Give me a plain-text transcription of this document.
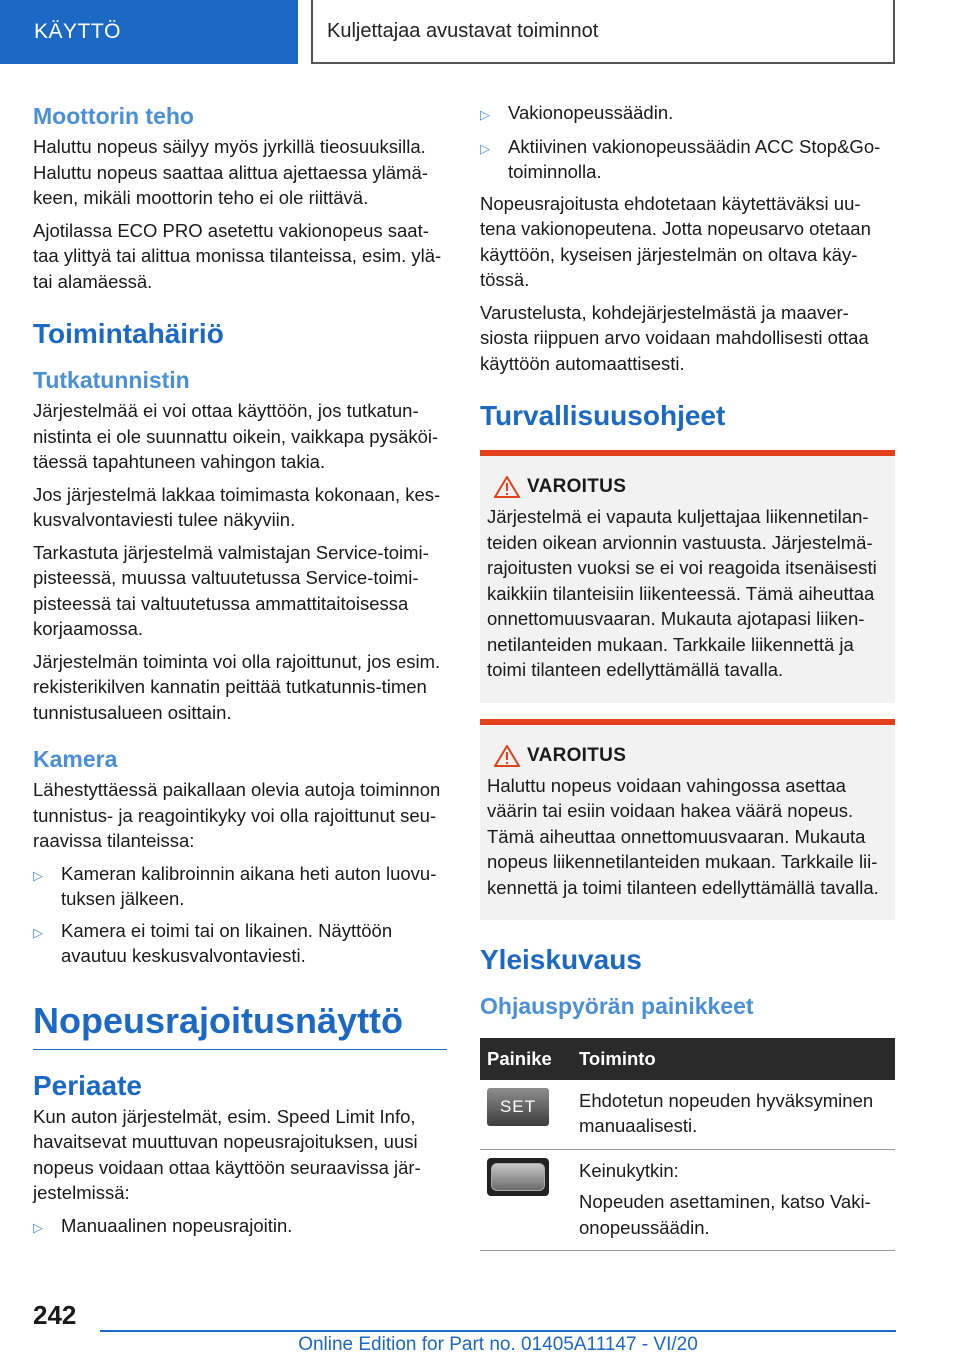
KÄYTTÖ	Kuljettajaa avustavat toiminnot
Moottorin teho
Haluttu nopeus säilyy myös jyrkillä tieosuuksilla. Haluttu nopeus saattaa alittua ajettaessa ylämä-keen, mikäli moottorin teho ei ole riittävä.
Ajotilassa ECO PRO asetettu vakionopeus saat-taa ylittyä tai alittua monissa tilanteissa, esim. ylä- tai alamäessä.
Toimintahäiriö
Tutkatunnistin
Järjestelmää ei voi ottaa käyttöön, jos tutkatun-nistinta ei ole suunnattu oikein, vaikkapa pysäköi-täessä tapahtuneen vahingon takia.
Jos järjestelmä lakkaa toimimasta kokonaan, kes-kusvalvontaviesti tulee näkyviin.
Tarkastuta järjestelmä valmistajan Service-toimi-pisteessä, muussa valtuutetussa Service-toimi-pisteessä tai valtuutetussa ammattitaitoisessa korjaamossa.
Järjestelmän toiminta voi olla rajoittunut, jos esim. rekisterikilven kannatin peittää tutkatunnis-timen tunnistusalueen osittain.
Kamera
Lähestyttäessä paikallaan olevia autoja toiminnon tunnistus- ja reagointikyky voi olla rajoittunut seu-raavissa tilanteissa:
▷ Kameran kalibroinnin aikana heti auton luovu-tuksen jälkeen.
▷ Kamera ei toimi tai on likainen. Näyttöön avautuu keskusvalvontaviesti.
Nopeusrajoitusnäyttö
Periaate
Kun auton järjestelmät, esim. Speed Limit Info, havaitsevat muuttuvan nopeusrajoituksen, uusi nopeus voidaan ottaa käyttöön seuraavissa jär-jestelmissä:
▷ Manuaalinen nopeusrajoitin.
▷ Vakionopeussäädin.
▷ Aktiivinen vakionopeussäädin ACC Stop&Go-toiminnolla.
Nopeusrajoitusta ehdotetaan käytettäväksi uu-tena vakionopeutena. Jotta nopeusarvo otetaan käyttöön, kyseisen järjestelmän on oltava käy-tössä.
Varustelusta, kohdejärjestelmästä ja maaver-siosta riippuen arvo voidaan mahdollisesti ottaa käyttöön automaattisesti.
Turvallisuusohjeet
VAROITUS
Järjestelmä ei vapauta kuljettajaa liikennetilan-teiden oikean arvionnin vastuusta. Järjestelmä-rajoitusten vuoksi se ei voi reagoida itsenäisesti kaikkiin tilanteisiin liikenteessä. Tämä aiheuttaa onnettomuusvaaran. Mukauta ajotapasi liiken-netilanteiden mukaan. Tarkkaile liikennettä ja toimi tilanteen edellyttämällä tavalla.
VAROITUS
Haluttu nopeus voidaan vahingossa asettaa väärin tai esiin voidaan hakea väärä nopeus. Tämä aiheuttaa onnettomuusvaaran. Mukauta nopeus liikennetilanteiden mukaan. Tarkkaile lii-kennettä ja toimi tilanteen edellyttämällä tavalla.
Yleiskuvaus
Ohjauspyörän painikkeet
Painike	Toiminto

SET	Ehdotetun nopeuden hyväksyminen manuaalisesti.

	Keinukytkin:
Nopeuden asettaminen, katso Vaki-onopeussäädin.
242
Online Edition for Part no. 01405A11147 - VI/20
